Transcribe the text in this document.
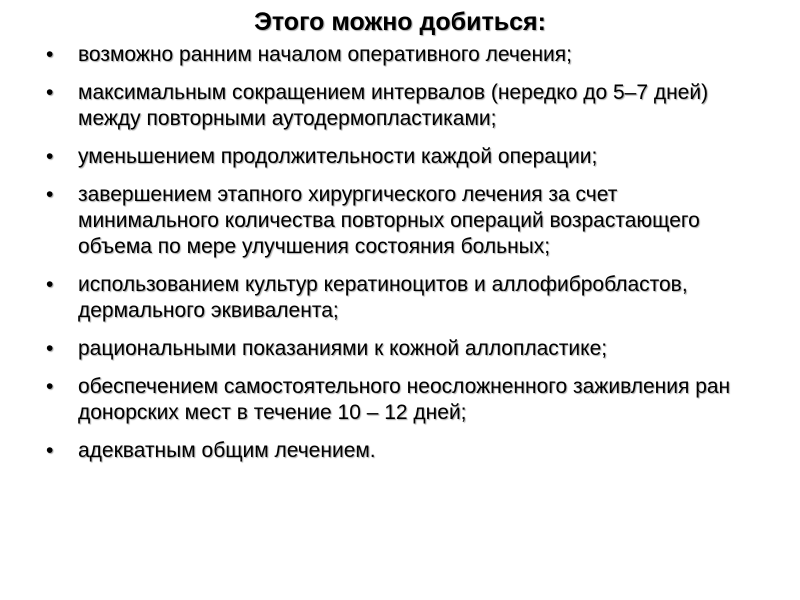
Этого можно добиться:
• возможно ранним началом оперативного лечения;
• максимальным сокращением интервалов (нередко до 5–7 дней) между повторными аутодермопластиками;
• уменьшением продолжительности каждой операции;
• завершением этапного хирургического лечения за счет минимального количества повторных операций возрастающего объема по мере улучшения состояния больных;
• использованием культур кератиноцитов и аллофибробластов, дермального эквивалента;
• рациональными показаниями к кожной аллопластике;
• обеспечением самостоятельного неосложненного заживления ран донорских мест в течение 10 – 12 дней;
• адекватным общим лечением.
